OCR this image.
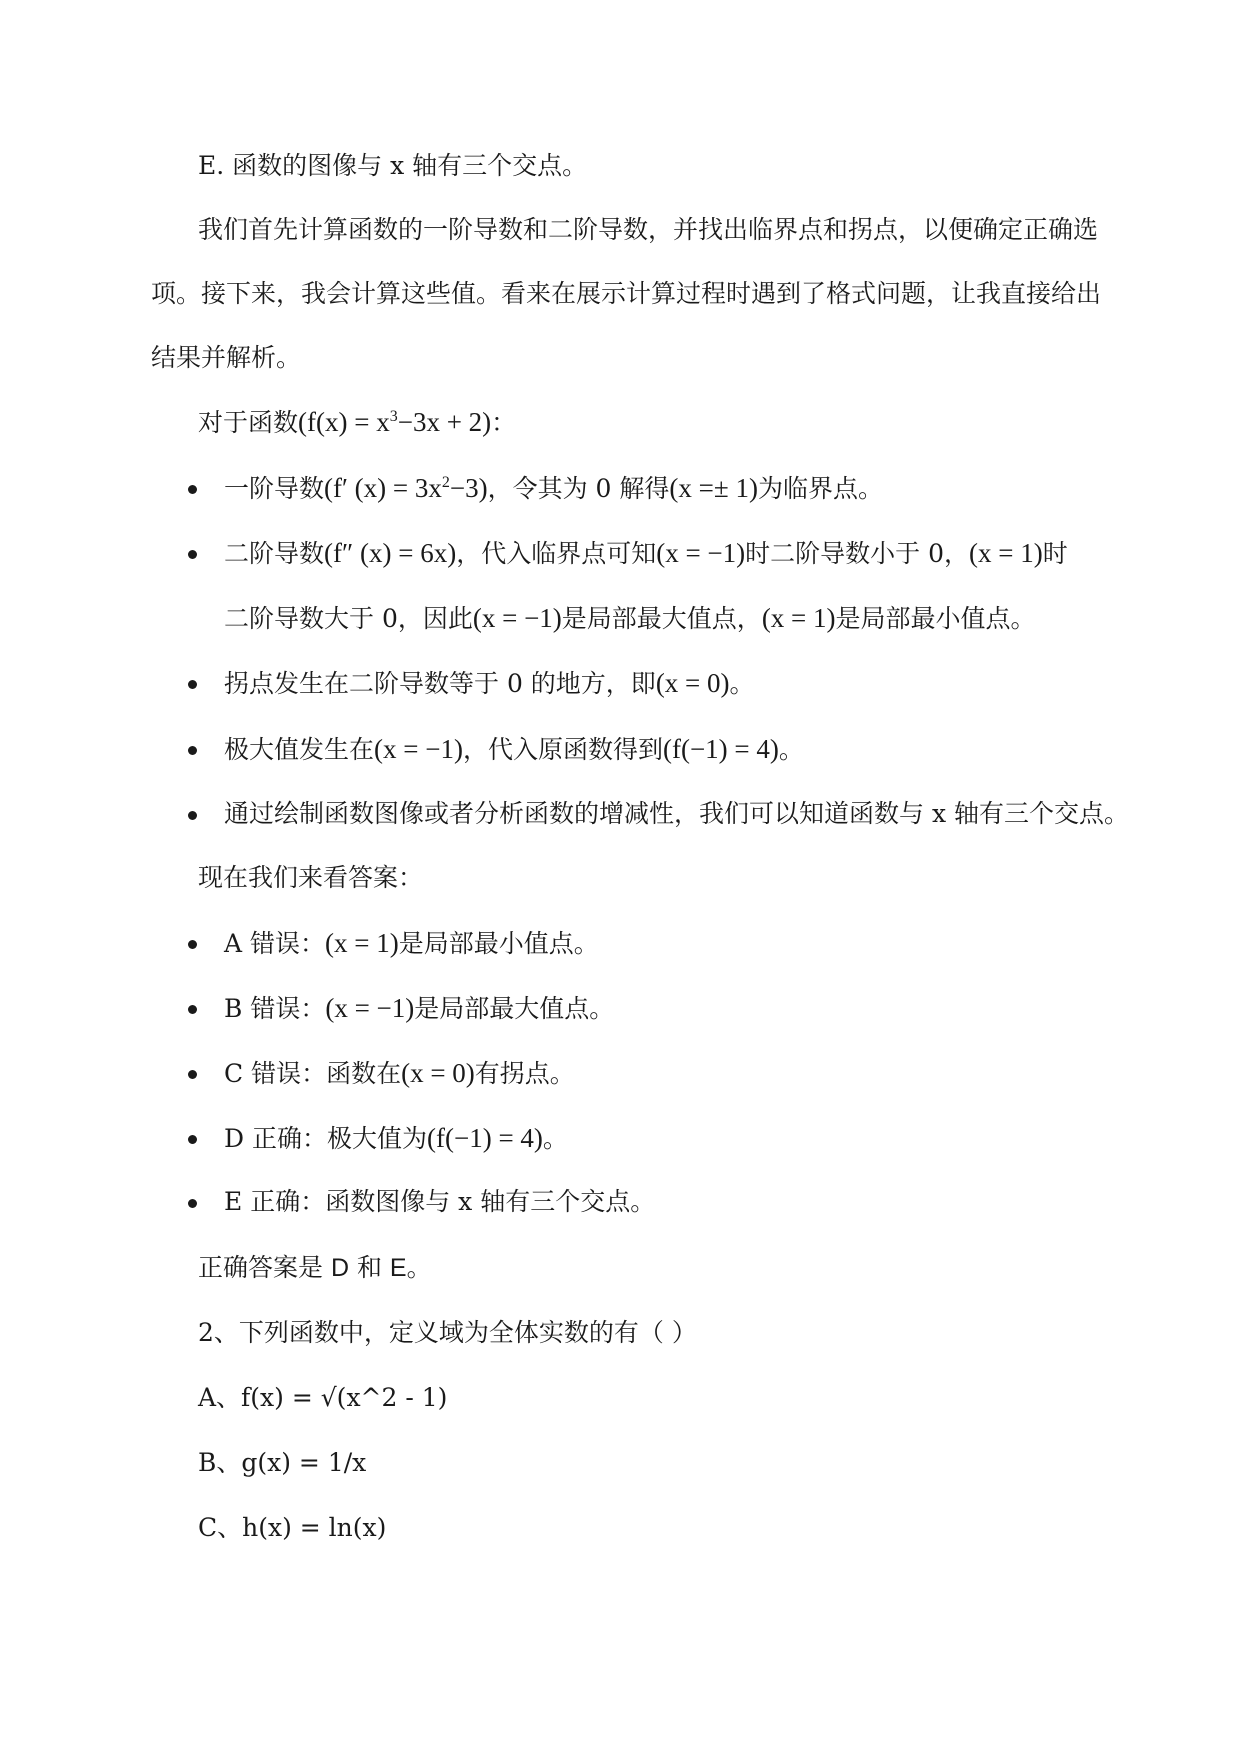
E. 函数的图像与 x 轴有三个交点。
我们首先计算函数的一阶导数和二阶导数，并找出临界点和拐点，以便确定正确选
项。接下来，我会计算这些值。看来在展示计算过程时遇到了格式问题，让我直接给出
结果并解析。
对于函数$(f(x) = x^3-3x + 2)$：
一阶导数(f′ $(x) = 3x^2-3$)，令其为 0 解得(x =± 1)为临界点。
二阶导数(f″ (x) = 6x)，代入临界点可知(x = −1)时二阶导数小于 0，(x = 1)时
二阶导数大于 0，因此(x = −1)是局部最大值点，(x = 1)是局部最小值点。
拐点发生在二阶导数等于 0 的地方，即(x = 0)。
极大值发生在(x = −1)，代入原函数得到(f(−1) = 4)。
通过绘制函数图像或者分析函数的增减性，我们可以知道函数与 x 轴有三个交点。
现在我们来看答案：
A 错误：(x = 1)是局部最小值点。
B 错误：(x = −1)是局部最大值点。
C 错误：函数在(x = 0)有拐点。
D 正确：极大值为(f(−1) = 4)。
E 正确：函数图像与 x 轴有三个交点。
正确答案是 D 和 E。
2、下列函数中，定义域为全体实数的有（ ）
A、f(x) = √(x^2 - 1)
B、g(x) = 1/x
C、h(x) = ln(x)
